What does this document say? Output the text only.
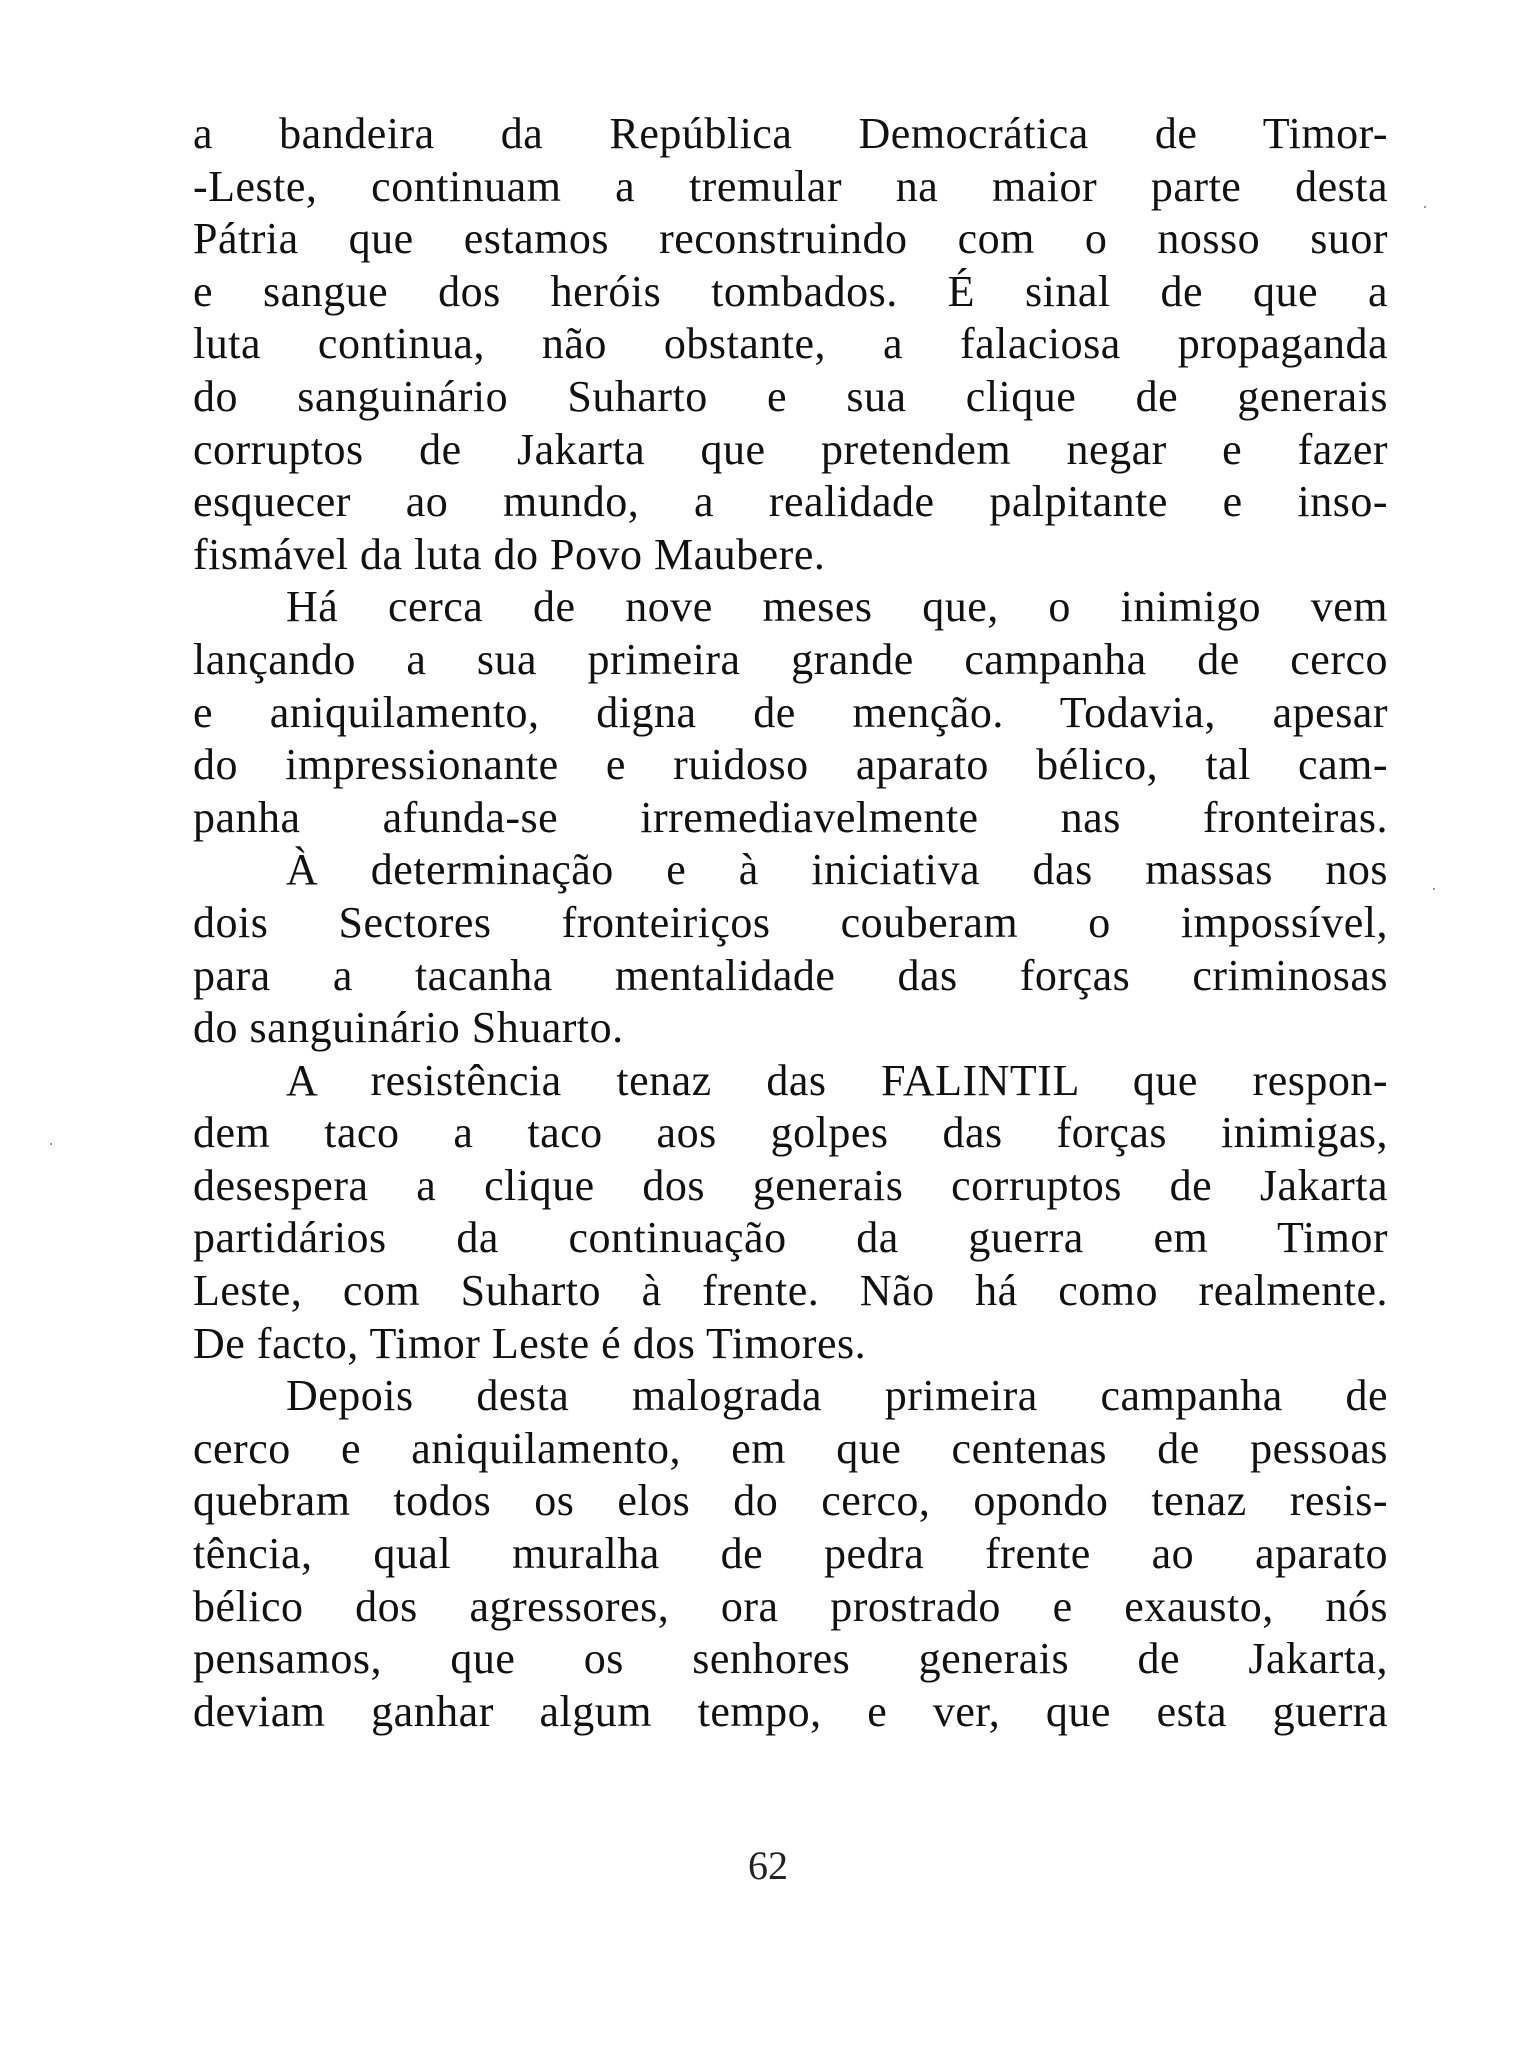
a bandeira da República Democrática de Timor-
-Leste, continuam a tremular na maior parte desta
Pátria que estamos reconstruindo com o nosso suor
e sangue dos heróis tombados. É sinal de que a
luta continua, não obstante, a falaciosa propaganda
do sanguinário Suharto e sua clique de generais
corruptos de Jakarta que pretendem negar e fazer
esquecer ao mundo, a realidade palpitante e inso-
fismável da luta do Povo Maubere.
Há cerca de nove meses que, o inimigo vem
lançando a sua primeira grande campanha de cerco
e aniquilamento, digna de menção. Todavia, apesar
do impressionante e ruidoso aparato bélico, tal cam-
panha afunda-se irremediavelmente nas fronteiras.
À determinação e à iniciativa das massas nos
dois Sectores fronteiriços couberam o impossível,
para a tacanha mentalidade das forças criminosas
do sanguinário Shuarto.
A resistência tenaz das FALINTIL que respon-
dem taco a taco aos golpes das forças inimigas,
desespera a clique dos generais corruptos de Jakarta
partidários da continuação da guerra em Timor
Leste, com Suharto à frente. Não há como realmente.
De facto, Timor Leste é dos Timores.
Depois desta malograda primeira campanha de
cerco e aniquilamento, em que centenas de pessoas
quebram todos os elos do cerco, opondo tenaz resis-
tência, qual muralha de pedra frente ao aparato
bélico dos agressores, ora prostrado e exausto, nós
pensamos, que os senhores generais de Jakarta,
deviam ganhar algum tempo, e ver, que esta guerra
62
